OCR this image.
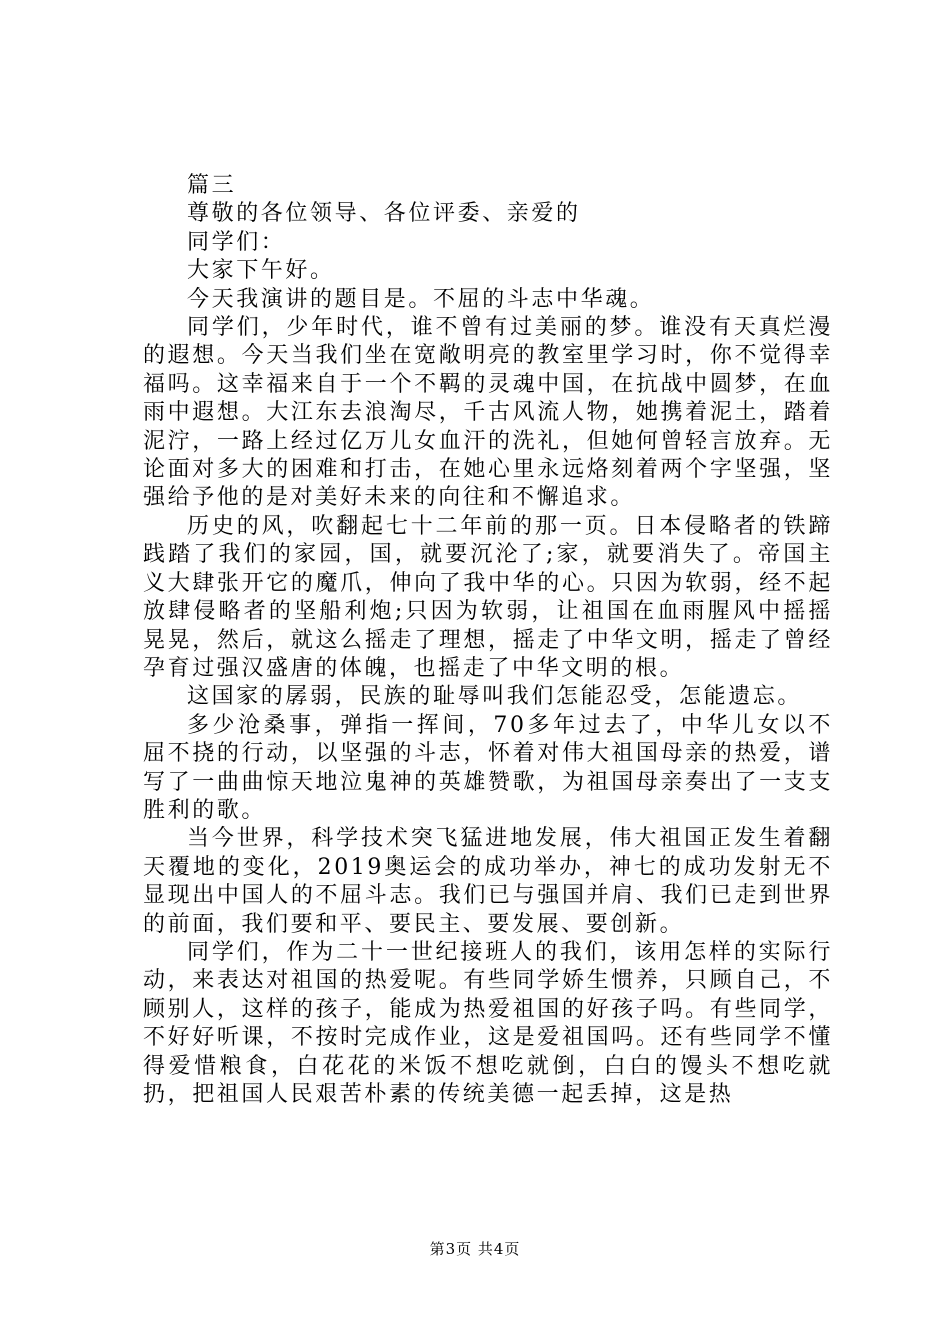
篇三

尊敬的各位领导、各位评委、亲爱的

同学们：

大家下午好。

今天我演讲的题目是。不屈的斗志中华魂。

同学们，少年时代，谁不曾有过美丽的梦。谁没有天真烂漫的遐想。今天当我们坐在宽敞明亮的教室里学习时，你不觉得幸福吗。这幸福来自于一个不羁的灵魂中国，在抗战中圆梦，在血雨中遐想。大江东去浪淘尽，千古风流人物，她携着泥土，踏着泥泞，一路上经过亿万儿女血汗的洗礼，但她何曾轻言放弃。无论面对多大的困难和打击，在她心里永远烙刻着两个字坚强，坚强给予他的是对美好未来的向往和不懈追求。

历史的风，吹翻起七十二年前的那一页。日本侵略者的铁蹄践踏了我们的家园，国，就要沉沦了;家，就要消失了。帝国主义大肆张开它的魔爪，伸向了我中华的心。只因为软弱，经不起放肆侵略者的坚船利炮;只因为软弱，让祖国在血雨腥风中摇摇晃晃，然后，就这么摇走了理想，摇走了中华文明，摇走了曾经孕育过强汉盛唐的体魄，也摇走了中华文明的根。

这国家的孱弱，民族的耻辱叫我们怎能忍受，怎能遗忘。

多少沧桑事，弹指一挥间，70多年过去了，中华儿女以不屈不挠的行动，以坚强的斗志，怀着对伟大祖国母亲的热爱，谱写了一曲曲惊天地泣鬼神的英雄赞歌，为祖国母亲奏出了一支支胜利的歌。

当今世界，科学技术突飞猛进地发展，伟大祖国正发生着翻天覆地的变化，2019奥运会的成功举办，神七的成功发射无不显现出中国人的不屈斗志。我们已与强国并肩、我们已走到世界的前面，我们要和平、要民主、要发展、要创新。

同学们，作为二十一世纪接班人的我们，该用怎样的实际行动，来表达对祖国的热爱呢。有些同学娇生惯养，只顾自己，不顾别人，这样的孩子，能成为热爱祖国的好孩子吗。有些同学，不好好听课，不按时完成作业，这是爱祖国吗。还有些同学不懂得爱惜粮食，白花花的米饭不想吃就倒，白白的馒头不想吃就扔，把祖国人民艰苦朴素的传统美德一起丢掉，这是热

第3页 共4页
